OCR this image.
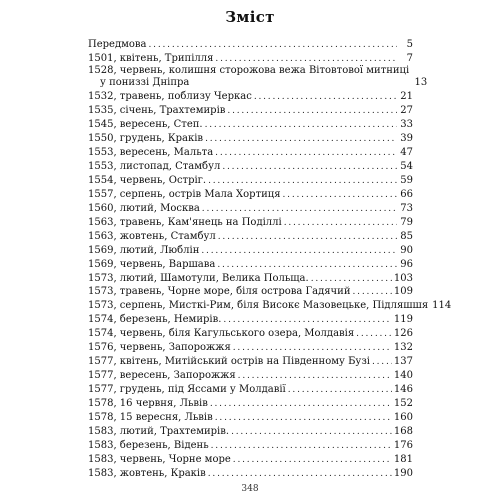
Зміст
Передмова .....	5
1501, квітень, Трипілля .....	7
1528, червень, колишня сторожова вежа Вітовтової митниці
у пониззі Дніпра	13
1532, травень, поблизу Черкас .....	21
1535, січень, Трахтемирів .....	27
1545, вересень, Степ. .....	33
1550, грудень, Краків .....	39
1553, вересень, Мальта .....	47
1553, листопад, Стамбул .....	54
1554, червень, Остріг. .....	59
1557, серпень, острів Мала Хортиця .....	66
1560, лютий, Москва .....	73
1563, травень, Кам'янець на Поділлі .....	79
1563, жовтень, Стамбул .....	85
1569, лютий, Люблін .....	90
1569, червень, Варшава .....	96
1573, лютий, Шамотули, Велика Польща. .....	103
1573, травень, Чорне море, біля острова Гадячий .....	109
1573, серпень, Мисткі-Рим, біля Високє Мазовецьке, Підляшшя 114
1574, березень, Немирів. .....	119
1574, червень, біля Кагульського озера, Молдавія .....	126
1576, червень, Запорожжя .....	132
1577, квітень, Митійський острів на Південному Бузі ..... 137
1577, вересень, Запорожжя .....	140
1577, грудень, під Яссами у Молдавії .....	146
1578, 16 червня, Львів .....	152
1578, 15 вересня, Львів .....	160
1583, лютий, Трахтемирів. .....	168
1583, березень, Відень .....	176
1583, червень, Чорне море .....	181
1583, жовтень, Краків .....	190
348
